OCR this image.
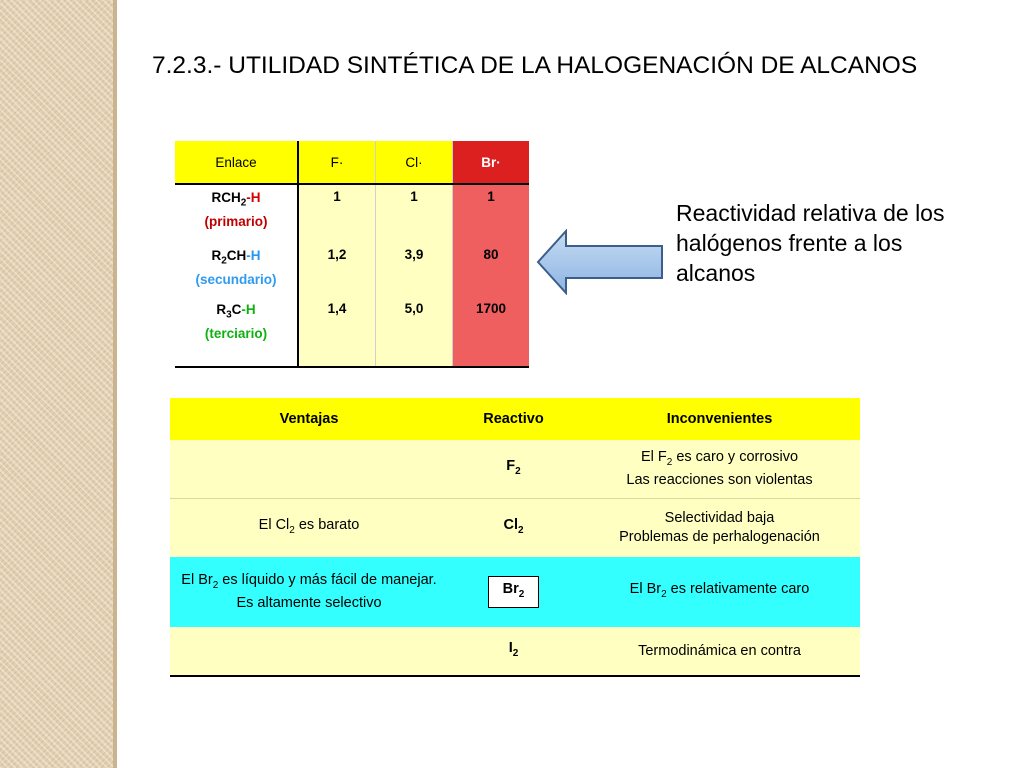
7.2.3.- UTILIDAD SINTÉTICA DE LA HALOGENACIÓN DE ALCANOS
Enlace	F·	Cl·	Br·
$RCH_2-H$
(primario)	1	1	1
$R_2CH-H$
(secundario)	1,2	3,9	80
$R_3C-H$
(terciario)	1,4	5,0	1700
Reactividad relativa de los halógenos frente a los alcanos
Ventajas	Reactivo	Inconvenientes
	$F_2$	El $F_2$ es caro y corrosivo
Las reacciones son violentas
El $Cl_2$ es barato	$Cl_2$	Selectividad baja
Problemas de perhalogenación
El $Br_2$ es líquido y más fácil de manejar.
Es altamente selectivo	$Br_2$	El $Br_2$ es relativamente caro
	$I_2$	Termodinámica en contra
